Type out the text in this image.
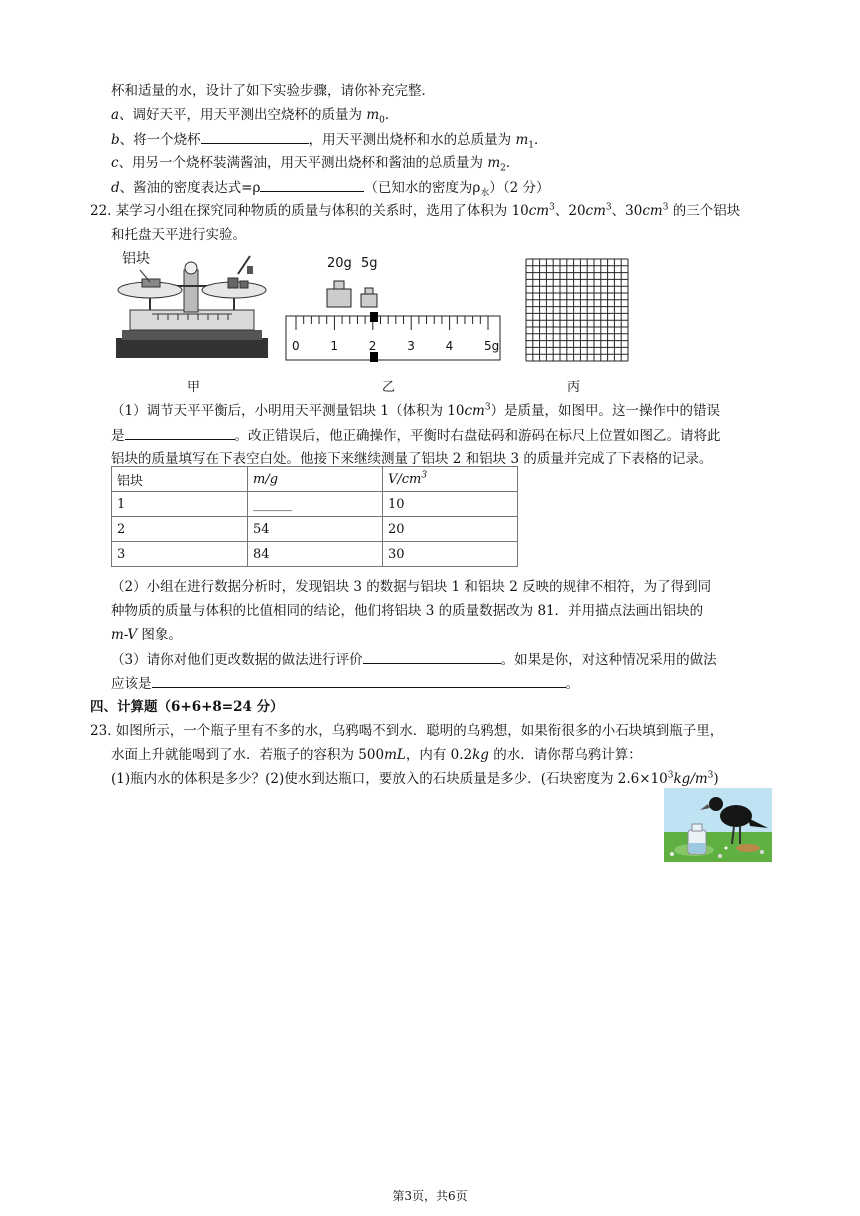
杯和适量的水，设计了如下实验步骤，请你补充完整．
a、调好天平，用天平测出空烧杯的质量为 $m_0$．
b、将一个烧杯	，用天平测出烧杯和水的总质量为 $m_1$．
c、用另一个烧杯装满酱油，用天平测出烧杯和酱油的总质量为 $m_2$．
d、酱油的密度表达式=ρ	（已知水的密度为$\rho_水)(2$ 分）
22. 某学习小组在探究同种物质的质量与体积的关系时，选用了体积为 $10cm^3$、$20cm^3$、$30cm^3$ 的三个铝块
和托盘天平进行实验。
铝块	20g 5g
0	1	2	3	4	5g
甲	乙	丙
（1）调节天平平衡后，小明用天平测量铝块 1（体积为 $10cm^3$）是质量，如图甲。这一操作中的错误
是	。改正错误后，他正确操作，平衡时右盘砝码和游码在标尺上位置如图乙。请将此
铝块的质量填写在下表空白处。他接下来继续测量了铝块 2 和铝块 3 的质量并完成了下表格的记录。
铝块	m/g	$V/cm^3$
1	______	10
2	54	20
3	84	30
（2）小组在进行数据分析时，发现铝块 3 的数据与铝块 1 和铝块 2 反映的规律不相符，为了得到同
种物质的质量与体积的比值相同的结论，他们将铝块 3 的质量数据改为 81．并用描点法画出铝块的
m-V 图象。
（3）请你对他们更改数据的做法进行评价	。如果是你，对这种情况采用的做法
应该是	。
四、计算题（6+6+8=24 分）
23. 如图所示，一个瓶子里有不多的水，乌鸦喝不到水．聪明的乌鸦想，如果衔很多的小石块填到瓶子里，
水面上升就能喝到了水．若瓶子的容积为 500mL，内有 0.2kg 的水．请你帮乌鸦计算：
(1)瓶内水的体积是多少？(2)使水到达瓶口，要放入的石块质量是多少．(石块密度为 $2.6\times 10^3kg/m^3$)
第3页，共6页
